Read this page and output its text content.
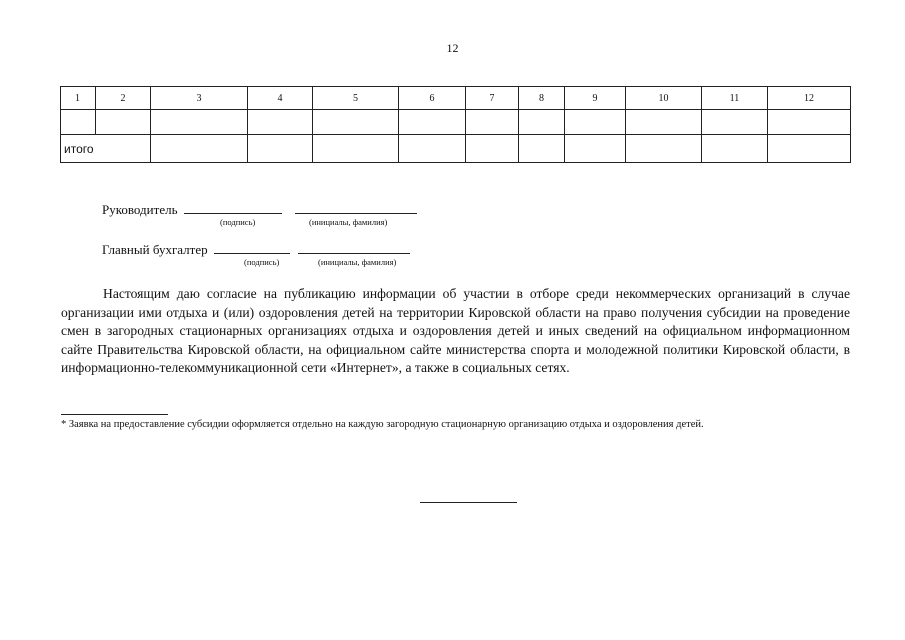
12
1	2	3	4	5	6	7	8	9	10	11	12

итого											
Руководитель
(подпись)	(инициалы, фамилия)
Главный бухгалтер
(подпись)	(инициалы, фамилия)

Настоящим даю согласие на публикацию информации об участии в отборе среди некоммерческих организаций в случае организации ими отдыха и (или) оздоровления детей на территории Кировской области на право получения субсидии на проведение смен в загородных стационарных организациях отдыха и оздоровления детей и иных сведений на официальном информационном сайте Правительства Кировской области, на официальном сайте министерства спорта и молодежной политики Кировской области, в информационно-телекоммуникационной сети «Интернет», а также в социальных сетях.

* Заявка на предоставление субсидии оформляется отдельно на каждую загородную стационарную организацию отдыха и оздоровления детей.
